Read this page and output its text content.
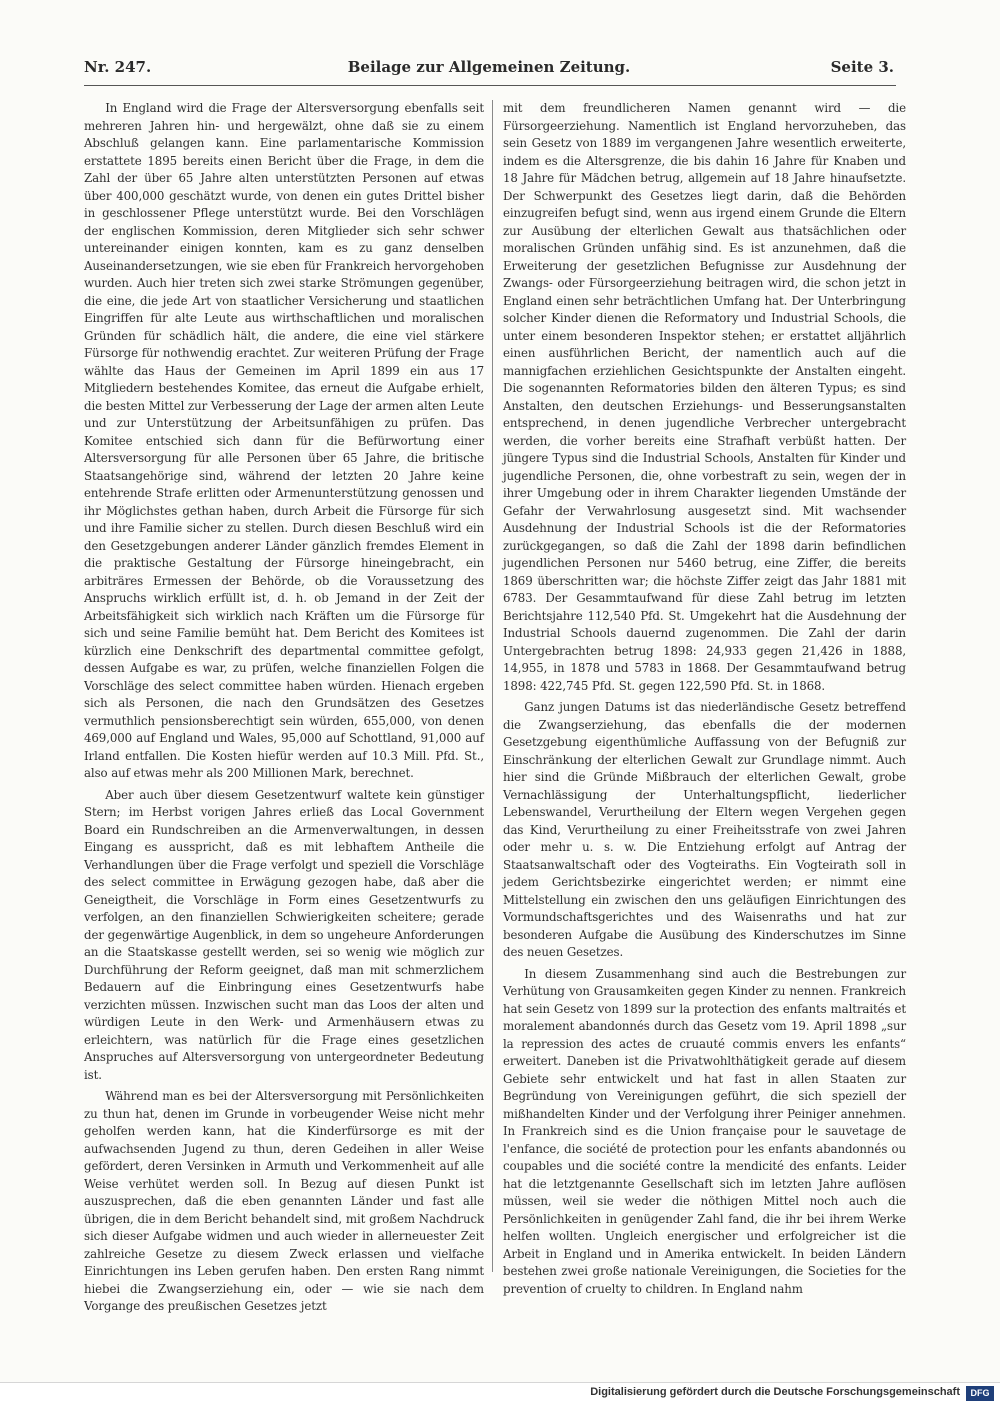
Nr. 247.	Beilage zur Allgemeinen Zeitung.	Seite 3.

In England wird die Frage der Altersversorgung ebenfalls seit mehreren Jahren hin- und hergewälzt, ohne daß sie zu einem Abschluß gelangen kann. Eine parlamentarische Kommission erstattete 1895 bereits einen Bericht über die Frage, in dem die Zahl der über 65 Jahre alten unterstützten Personen auf etwas über 400,000 geschätzt wurde, von denen ein gutes Drittel bisher in geschlossener Pflege unterstützt wurde. Bei den Vorschlägen der englischen Kommission, deren Mitglieder sich sehr schwer untereinander einigen konnten, kam es zu ganz denselben Auseinandersetzungen, wie sie eben für Frankreich hervorgehoben wurden. Auch hier treten sich zwei starke Strömungen gegenüber, die eine, die jede Art von staatlicher Versicherung und staatlichen Eingriffen für alte Leute aus wirthschaftlichen und moralischen Gründen für schädlich hält, die andere, die eine viel stärkere Fürsorge für nothwendig erachtet. Zur weiteren Prüfung der Frage wählte das Haus der Gemeinen im April 1899 ein aus 17 Mitgliedern bestehendes Komitee, das erneut die Aufgabe erhielt, die besten Mittel zur Verbesserung der Lage der armen alten Leute und zur Unterstützung der Arbeitsunfähigen zu prüfen. Das Komitee entschied sich dann für die Befürwortung einer Altersversorgung für alle Personen über 65 Jahre, die britische Staatsangehörige sind, während der letzten 20 Jahre keine entehrende Strafe erlitten oder Armenunterstützung genossen und ihr Möglichstes gethan haben, durch Arbeit die Fürsorge für sich und ihre Familie sicher zu stellen. Durch diesen Beschluß wird ein den Gesetzgebungen anderer Länder gänzlich fremdes Element in die praktische Gestaltung der Fürsorge hineingebracht, ein arbiträres Ermessen der Behörde, ob die Voraussetzung des Anspruchs wirklich erfüllt ist, d. h. ob Jemand in der Zeit der Arbeitsfähigkeit sich wirklich nach Kräften um die Fürsorge für sich und seine Familie bemüht hat. Dem Bericht des Komitees ist kürzlich eine Denkschrift des departmental committee gefolgt, dessen Aufgabe es war, zu prüfen, welche finanziellen Folgen die Vorschläge des select committee haben würden. Hienach ergeben sich als Personen, die nach den Grundsätzen des Gesetzes vermuthlich pensionsberechtigt sein würden, 655,000, von denen 469,000 auf England und Wales, 95,000 auf Schottland, 91,000 auf Irland entfallen. Die Kosten hiefür werden auf 10.3 Mill. Pfd. St., also auf etwas mehr als 200 Millionen Mark, berechnet.

Aber auch über diesem Gesetzentwurf waltete kein günstiger Stern; im Herbst vorigen Jahres erließ das Local Government Board ein Rundschreiben an die Armenverwaltungen, in dessen Eingang es ausspricht, daß es mit lebhaftem Antheile die Verhandlungen über die Frage verfolgt und speziell die Vorschläge des select committee in Erwägung gezogen habe, daß aber die Geneigtheit, die Vorschläge in Form eines Gesetzentwurfs zu verfolgen, an den finanziellen Schwierigkeiten scheitere; gerade der gegenwärtige Augenblick, in dem so ungeheure Anforderungen an die Staatskasse gestellt werden, sei so wenig wie möglich zur Durchführung der Reform geeignet, daß man mit schmerzlichem Bedauern auf die Einbringung eines Gesetzentwurfs habe verzichten müssen. Inzwischen sucht man das Loos der alten und würdigen Leute in den Werk- und Armenhäusern etwas zu erleichtern, was natürlich für die Frage eines gesetzlichen Anspruches auf Altersversorgung von untergeordneter Bedeutung ist.

Während man es bei der Altersversorgung mit Persönlichkeiten zu thun hat, denen im Grunde in vorbeugender Weise nicht mehr geholfen werden kann, hat die Kinderfürsorge es mit der aufwachsenden Jugend zu thun, deren Gedeihen in aller Weise gefördert, deren Versinken in Armuth und Verkommenheit auf alle Weise verhütet werden soll. In Bezug auf diesen Punkt ist auszusprechen, daß die eben genannten Länder und fast alle übrigen, die in dem Bericht behandelt sind, mit großem Nachdruck sich dieser Aufgabe widmen und auch wieder in allerneuester Zeit zahlreiche Gesetze zu diesem Zweck erlassen und vielfache Einrichtungen ins Leben gerufen haben. Den ersten Rang nimmt hiebei die Zwangserziehung ein, oder — wie sie nach dem Vorgange des preußischen Gesetzes jetzt

mit dem freundlicheren Namen genannt wird — die Fürsorgeerziehung. Namentlich ist England hervorzuheben, das sein Gesetz von 1889 im vergangenen Jahre wesentlich erweiterte, indem es die Altersgrenze, die bis dahin 16 Jahre für Knaben und 18 Jahre für Mädchen betrug, allgemein auf 18 Jahre hinaufsetzte. Der Schwerpunkt des Gesetzes liegt darin, daß die Behörden einzugreifen befugt sind, wenn aus irgend einem Grunde die Eltern zur Ausübung der elterlichen Gewalt aus thatsächlichen oder moralischen Gründen unfähig sind. Es ist anzunehmen, daß die Erweiterung der gesetzlichen Befugnisse zur Ausdehnung der Zwangs- oder Fürsorgeerziehung beitragen wird, die schon jetzt in England einen sehr beträchtlichen Umfang hat. Der Unterbringung solcher Kinder dienen die Reformatory und Industrial Schools, die unter einem besonderen Inspektor stehen; er erstattet alljährlich einen ausführlichen Bericht, der namentlich auch auf die mannigfachen erziehlichen Gesichtspunkte der Anstalten eingeht. Die sogenannten Reformatories bilden den älteren Typus; es sind Anstalten, den deutschen Erziehungs- und Besserungsanstalten entsprechend, in denen jugendliche Verbrecher untergebracht werden, die vorher bereits eine Strafhaft verbüßt hatten. Der jüngere Typus sind die Industrial Schools, Anstalten für Kinder und jugendliche Personen, die, ohne vorbestraft zu sein, wegen der in ihrer Umgebung oder in ihrem Charakter liegenden Umstände der Gefahr der Verwahrlosung ausgesetzt sind. Mit wachsender Ausdehnung der Industrial Schools ist die der Reformatories zurückgegangen, so daß die Zahl der 1898 darin befindlichen jugendlichen Personen nur 5460 betrug, eine Ziffer, die bereits 1869 überschritten war; die höchste Ziffer zeigt das Jahr 1881 mit 6783. Der Gesammtaufwand für diese Zahl betrug im letzten Berichtsjahre 112,540 Pfd. St. Umgekehrt hat die Ausdehnung der Industrial Schools dauernd zugenommen. Die Zahl der darin Untergebrachten betrug 1898: 24,933 gegen 21,426 in 1888, 14,955, in 1878 und 5783 in 1868. Der Gesammtaufwand betrug 1898: 422,745 Pfd. St. gegen 122,590 Pfd. St. in 1868.

Ganz jungen Datums ist das niederländische Gesetz betreffend die Zwangserziehung, das ebenfalls die der modernen Gesetzgebung eigenthümliche Auffassung von der Befugniß zur Einschränkung der elterlichen Gewalt zur Grundlage nimmt. Auch hier sind die Gründe Mißbrauch der elterlichen Gewalt, grobe Vernachlässigung der Unterhaltungspflicht, liederlicher Lebenswandel, Verurtheilung der Eltern wegen Vergehen gegen das Kind, Verurtheilung zu einer Freiheitsstrafe von zwei Jahren oder mehr u. s. w. Die Entziehung erfolgt auf Antrag der Staatsanwaltschaft oder des Vogteiraths. Ein Vogteirath soll in jedem Gerichtsbezirke eingerichtet werden; er nimmt eine Mittelstellung ein zwischen den uns geläufigen Einrichtungen des Vormundschaftsgerichtes und des Waisenraths und hat zur besonderen Aufgabe die Ausübung des Kinderschutzes im Sinne des neuen Gesetzes.

In diesem Zusammenhang sind auch die Bestrebungen zur Verhütung von Grausamkeiten gegen Kinder zu nennen. Frankreich hat sein Gesetz von 1899 sur la protection des enfants maltraités et moralement abandonnés durch das Gesetz vom 19. April 1898 „sur la repression des actes de cruauté commis envers les enfants“ erweitert. Daneben ist die Privatwohlthätigkeit gerade auf diesem Gebiete sehr entwickelt und hat fast in allen Staaten zur Begründung von Vereinigungen geführt, die sich speziell der mißhandelten Kinder und der Verfolgung ihrer Peiniger annehmen. In Frankreich sind es die Union française pour le sauvetage de l'enfance, die société de protection pour les enfants abandonnés ou coupables und die société contre la mendicité des enfants. Leider hat die letztgenannte Gesellschaft sich im letzten Jahre auflösen müssen, weil sie weder die nöthigen Mittel noch auch die Persönlichkeiten in genügender Zahl fand, die ihr bei ihrem Werke helfen wollten. Ungleich energischer und erfolgreicher ist die Arbeit in England und in Amerika entwickelt. In beiden Ländern bestehen zwei große nationale Vereinigungen, die Societies for the prevention of cruelty to children. In England nahm

Digitalisierung gefördert durch die Deutsche Forschungsgemeinschaft	DFG
